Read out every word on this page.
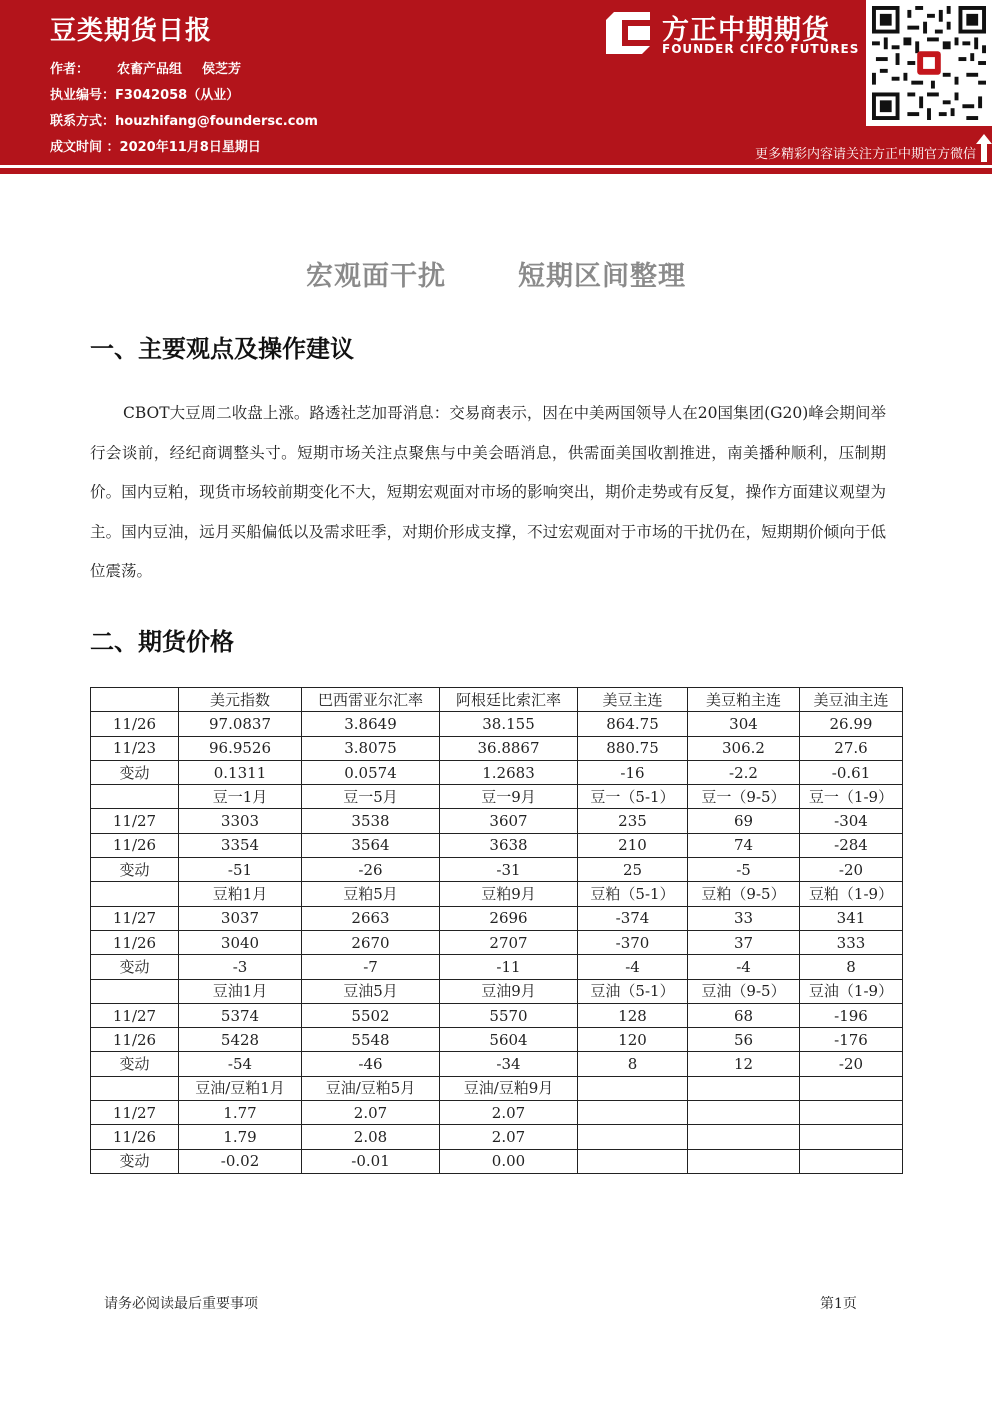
豆类期货日报
作者： 农畜产品组 侯芝芳
执业编号：F3042058（从业）
联系方式：houzhifang@foundersc.com
成文时间 ：2020年11月8日星期日
方正中期期货
FOUNDER CIFCO FUTURES
更多精彩内容请关注方正中期官方微信
宏观面干扰	短期区间整理
一、主要观点及操作建议
CBOT大豆周二收盘上涨。路透社芝加哥消息：交易商表示，因在中美两国领导人在20国集团(G20)峰会期间举行会谈前，经纪商调整头寸。短期市场关注点聚焦与中美会晤消息，供需面美国收割推进，南美播种顺利，压制期价。国内豆粕，现货市场较前期变化不大，短期宏观面对市场的影响突出，期价走势或有反复，操作方面建议观望为主。国内豆油，远月买船偏低以及需求旺季，对期价形成支撑，不过宏观面对于市场的干扰仍在，短期期价倾向于低位震荡。
二、期货价格
	美元指数	巴西雷亚尔汇率	阿根廷比索汇率	美豆主连	美豆粕主连	美豆油主连
11/26	97.0837	3.8649	38.155	864.75	304	26.99
11/23	96.9526	3.8075	36.8867	880.75	306.2	27.6
变动	0.1311	0.0574	1.2683	-16	-2.2	-0.61
	豆一1月	豆一5月	豆一9月	豆一（5-1）	豆一（9-5）	豆一（1-9）
11/27	3303	3538	3607	235	69	-304
11/26	3354	3564	3638	210	74	-284
变动	-51	-26	-31	25	-5	-20
	豆粕1月	豆粕5月	豆粕9月	豆粕（5-1）	豆粕（9-5）	豆粕（1-9）
11/27	3037	2663	2696	-374	33	341
11/26	3040	2670	2707	-370	37	333
变动	-3	-7	-11	-4	-4	8
	豆油1月	豆油5月	豆油9月	豆油（5-1）	豆油（9-5）	豆油（1-9）
11/27	5374	5502	5570	128	68	-196
11/26	5428	5548	5604	120	56	-176
变动	-54	-46	-34	8	12	-20
	豆油/豆粕1月	豆油/豆粕5月	豆油/豆粕9月			
11/27	1.77	2.07	2.07			
11/26	1.79	2.08	2.07			
变动	-0.02	-0.01	0.00			
请务必阅读最后重要事项	第1页
